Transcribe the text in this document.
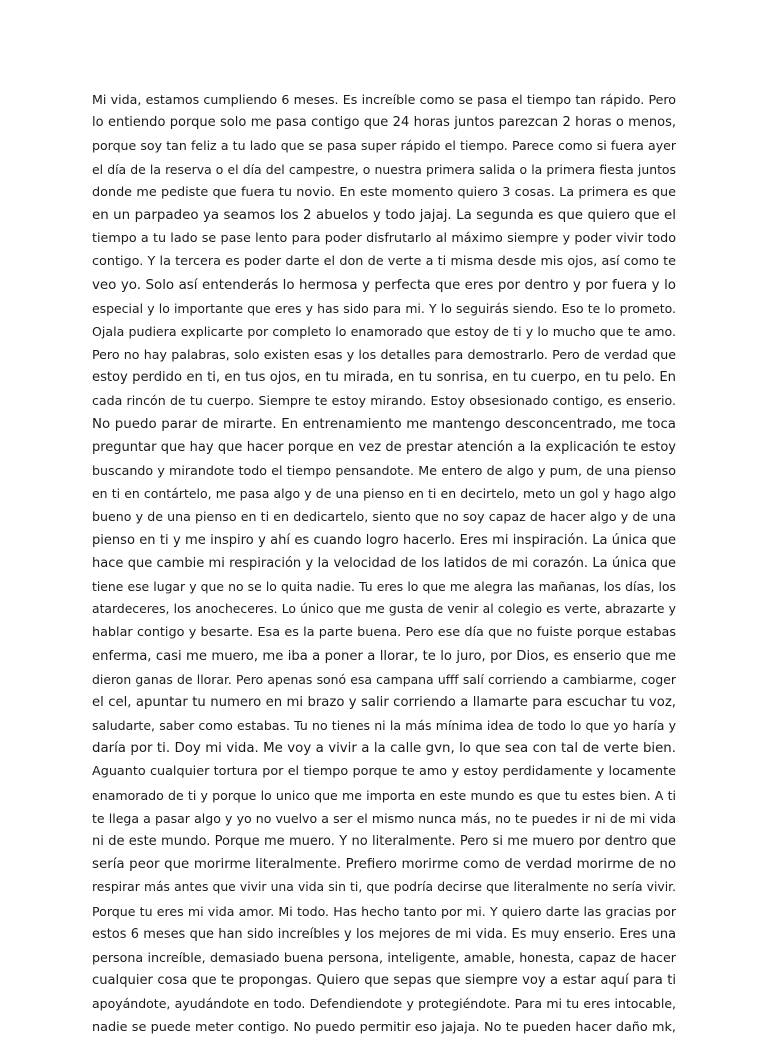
Mi vida, estamos cumpliendo 6 meses. Es increíble como se pasa el tiempo tan rápido. Pero
lo entiendo porque solo me pasa contigo que 24 horas juntos parezcan 2 horas o menos,
porque soy tan feliz a tu lado que se pasa super rápido el tiempo. Parece como si fuera ayer
el día de la reserva o el día del campestre, o nuestra primera salida o la primera fiesta juntos
donde me pediste que fuera tu novio. En este momento quiero 3 cosas. La primera es que
en un parpadeo ya seamos los 2 abuelos y todo jajaj. La segunda es que quiero que el
tiempo a tu lado se pase lento para poder disfrutarlo al máximo siempre y poder vivir todo
contigo. Y la tercera es poder darte el don de verte a ti misma desde mis ojos, así como te
veo yo. Solo así entenderás lo hermosa y perfecta que eres por dentro y por fuera y lo
especial y lo importante que eres y has sido para mi. Y lo seguirás siendo. Eso te lo prometo.
Ojala pudiera explicarte por completo lo enamorado que estoy de ti y lo mucho que te amo.
Pero no hay palabras, solo existen esas y los detalles para demostrarlo. Pero de verdad que
estoy perdido en ti, en tus ojos, en tu mirada, en tu sonrisa, en tu cuerpo, en tu pelo. En
cada rincón de tu cuerpo. Siempre te estoy mirando. Estoy obsesionado contigo, es enserio.
No puedo parar de mirarte. En entrenamiento me mantengo desconcentrado, me toca
preguntar que hay que hacer porque en vez de prestar atención a la explicación te estoy
buscando y mirandote todo el tiempo pensandote. Me entero de algo y pum, de una pienso
en ti en contártelo, me pasa algo y de una pienso en ti en decirtelo, meto un gol y hago algo
bueno y de una pienso en ti en dedicartelo, siento que no soy capaz de hacer algo y de una
pienso en ti y me inspiro y ahí es cuando logro hacerlo. Eres mi inspiración. La única que
hace que cambie mi respiración y la velocidad de los latidos de mi corazón. La única que
tiene ese lugar y que no se lo quita nadie. Tu eres lo que me alegra las mañanas, los días, los
atardeceres, los anocheceres. Lo único que me gusta de venir al colegio es verte, abrazarte y
hablar contigo y besarte. Esa es la parte buena. Pero ese día que no fuiste porque estabas
enferma, casi me muero, me iba a poner a llorar, te lo juro, por Dios, es enserio que me
dieron ganas de llorar. Pero apenas sonó esa campana ufff salí corriendo a cambiarme, coger
el cel, apuntar tu numero en mi brazo y salir corriendo a llamarte para escuchar tu voz,
saludarte, saber como estabas. Tu no tienes ni la más mínima idea de todo lo que yo haría y
daría por ti. Doy mi vida. Me voy a vivir a la calle gvn, lo que sea con tal de verte bien.
Aguanto cualquier tortura por el tiempo porque te amo y estoy perdidamente y locamente
enamorado de ti y porque lo unico que me importa en este mundo es que tu estes bien. A ti
te llega a pasar algo y yo no vuelvo a ser el mismo nunca más, no te puedes ir ni de mi vida
ni de este mundo. Porque me muero. Y no literalmente. Pero si me muero por dentro que
sería peor que morirme literalmente. Prefiero morirme como de verdad morirme de no
respirar más antes que vivir una vida sin ti, que podría decirse que literalmente no sería vivir.
Porque tu eres mi vida amor. Mi todo. Has hecho tanto por mi. Y quiero darte las gracias por
estos 6 meses que han sido increíbles y los mejores de mi vida. Es muy enserio. Eres una
persona increíble, demasiado buena persona, inteligente, amable, honesta, capaz de hacer
cualquier cosa que te propongas. Quiero que sepas que siempre voy a estar aquí para ti
apoyándote, ayudándote en todo. Defendiendote y protegiéndote. Para mi tu eres intocable,
nadie se puede meter contigo. No puedo permitir eso jajaja. No te pueden hacer daño mk,
